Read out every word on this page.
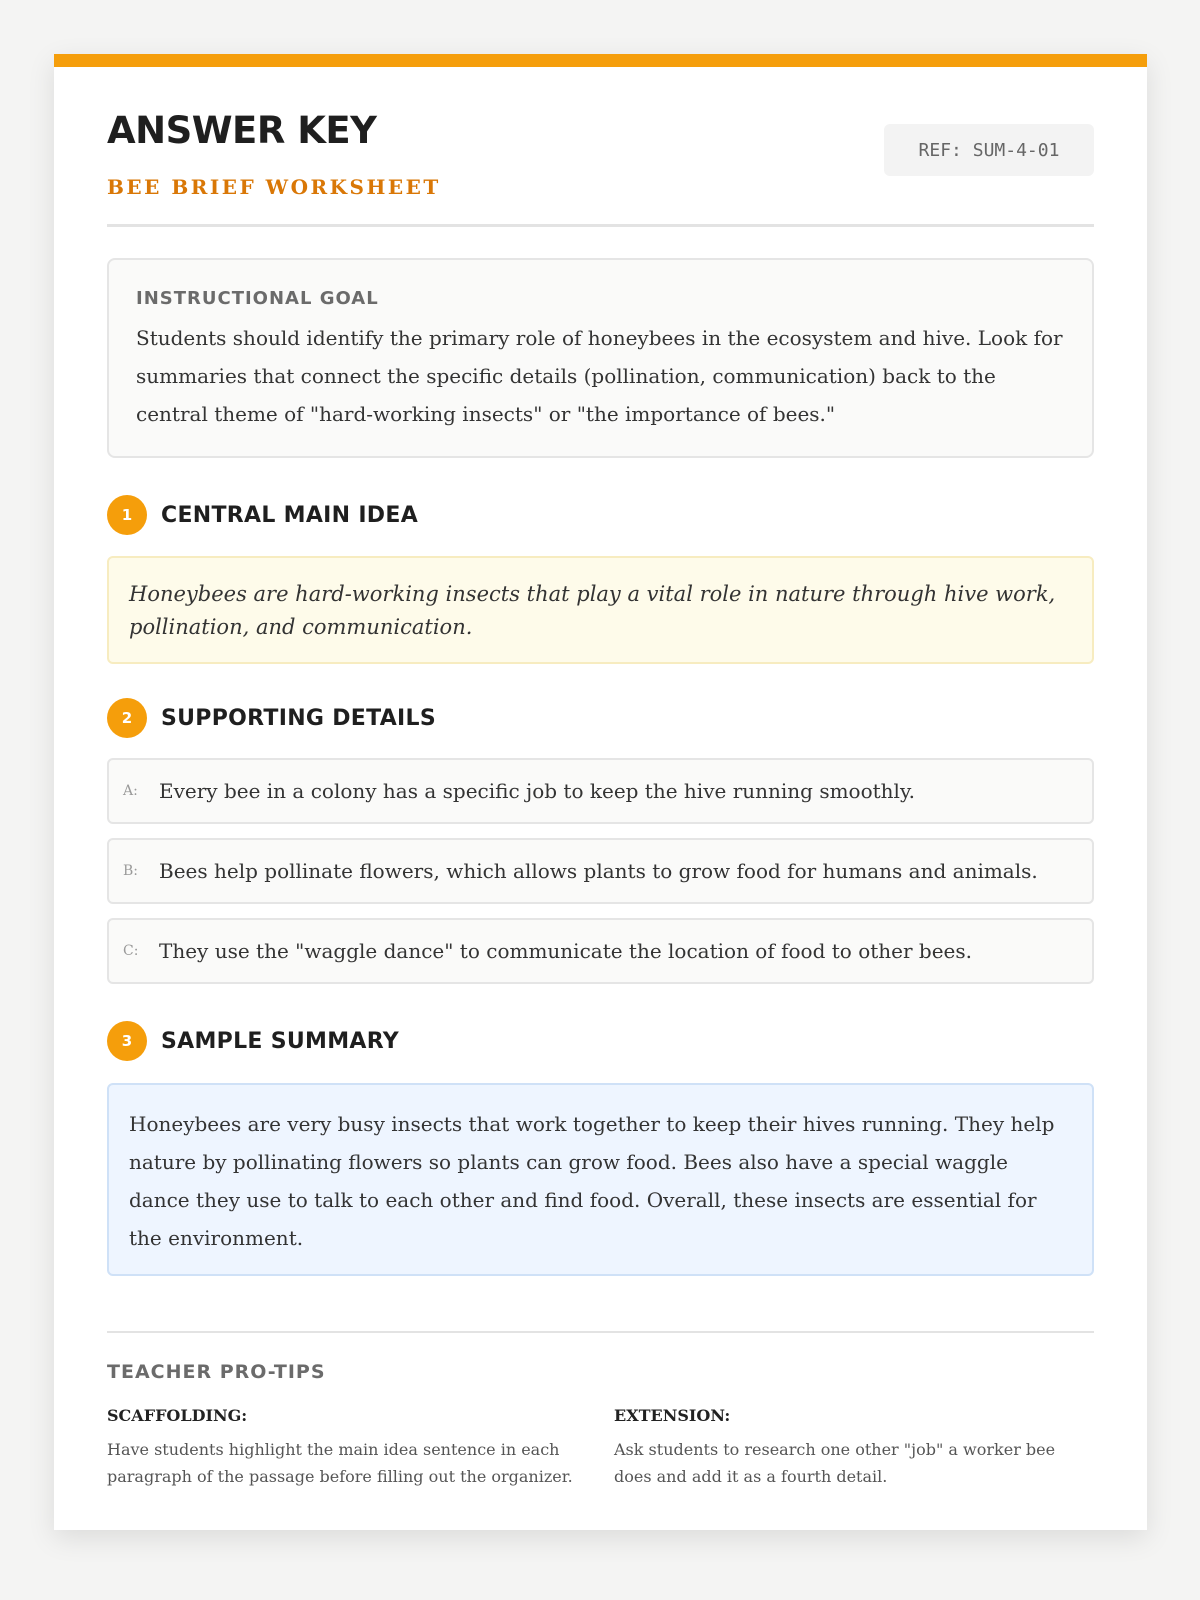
ANSWER KEY
BEE BRIEF WORKSHEET
REF: SUM-4-01
INSTRUCTIONAL GOAL
Students should identify the primary role of honeybees in the ecosystem and hive. Look for summaries that connect the specific details (pollination, communication) back to the central theme of "hard-working insects" or "the importance of bees."
1	CENTRAL MAIN IDEA
Honeybees are hard-working insects that play a vital role in nature through hive work, pollination, and communication.
2	SUPPORTING DETAILS
A:	Every bee in a colony has a specific job to keep the hive running smoothly.
B:	Bees help pollinate flowers, which allows plants to grow food for humans and animals.
C:	They use the "waggle dance" to communicate the location of food to other bees.
3	SAMPLE SUMMARY
Honeybees are very busy insects that work together to keep their hives running. They help nature by pollinating flowers so plants can grow food. Bees also have a special waggle dance they use to talk to each other and find food. Overall, these insects are essential for the environment.
TEACHER PRO-TIPS
SCAFFOLDING:
Have students highlight the main idea sentence in each paragraph of the passage before filling out the organizer.
EXTENSION:
Ask students to research one other "job" a worker bee does and add it as a fourth detail.
